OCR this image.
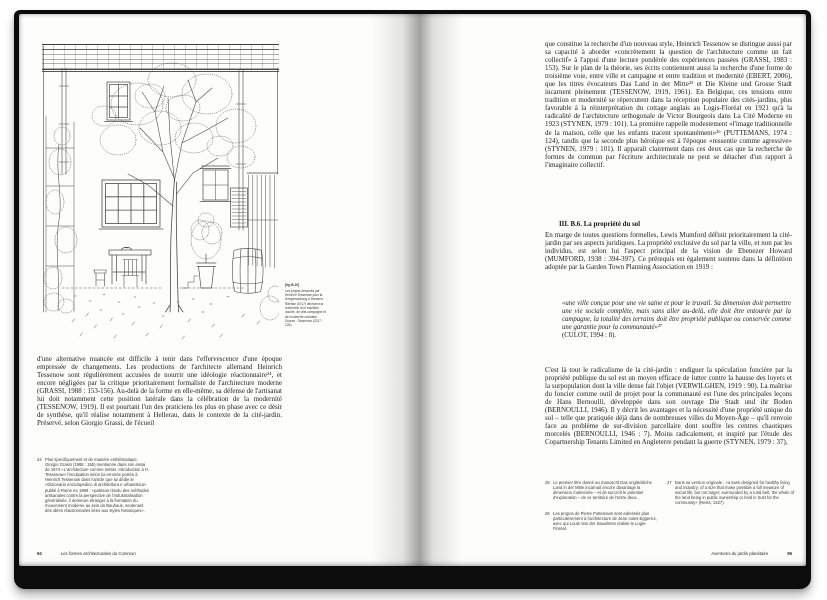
[fig.III.19]
Les projets dessinés par Heinrich Tessenow pour la Kriegersiedlung à Dresden-Rähnitz (1917) décrivent la recherche d'un équilibre double, de ville-campagne et de modernité ordinaire. Source : Tessenow (2017 : 125).
d'une alternative nuancée est difficile à tenir dans l'effervescence d'une époque empressée de changements. Les productions de l'architecte allemand Heinrich Tessenow sont régulièrement accusées de nourrir une idéologie réactionnaire²⁴, et encore négligées par la critique prioritairement formaliste de l'architecture moderne (GRASSI, 1988 : 153-156). Au-delà de la forme en elle-même, sa défense de l'artisanat lui doit notamment cette position latérale dans la célébration de la modernité (TESSENOW, 1919). Il est pourtant l'un des praticiens les plus en phase avec ce désir de synthèse, qu'il réalise notamment à Hellerau, dans le contexte de la cité-jardin. Préservé, selon Giorgio Grassi, de l'écueil
24 Plus spécifiquement et de manière emblématique, Giorgio Grassi (1988 : 155) mentionne dans son essai de 1974 «L'architecture comme métier. Introduction à H. Tessenow» l'inculpation selon lui erronée portée à Heinrich Tessenow dans l'article que lui dédie le «Dizionario enciclopedico di architettura e urbanistica» publié à Rome en 1969 : «partisan résolu des méthodes artisanales contre la perspective de l'industrialisation généralisée, il demeure étranger à la formation du mouvement moderne au sein du Bauhaus, soutenant des idées réactionnaires liées aux styles historiques».
94	Les formes architecturales du Commun
que constitue la recherche d'un nouveau style, Heinrich Tessenow se distingue aussi par sa capacité à aborder «concrètement la question de l'architecture comme un fait collectif» à l'appui d'une lecture pondérée des expériences passées (GRASSI, 1983 : 153). Sur le plan de la théorie, ses écrits contiennent aussi la recherche d'une forme de troisième voie, entre ville et campagne et entre tradition et modernité (EBERT, 2006), que les titres évocateurs Das Land in der Mitte²⁵ et Die Kleine und Grosse Stadt incarnent pleinement (TESSENOW, 1919, 1961). En Belgique, ces tensions entre tradition et modernité se répercutent dans la réception populaire des cités-jardins, plus favorable à la réinterprétation du cottage anglais au Logis-Floréal en 1921 qu'à la radicalité de l'architecture orthogonale de Victor Bourgeois dans La Cité Moderne en 1923 (STYNEN, 1979 : 101). La première rappelle modestement «l'image traditionnelle de la maison, celle que les enfants tracent spontanément»²⁶ (PUTTEMANS, 1974 : 124), tandis que la seconde plus héroïque est à l'époque «ressentie comme agressive» (STYNEN, 1979 : 101). Il apparaît clairement dans ces deux cas que la recherche de formes de commun par l'écriture architecturale ne peut se détacher d'un rapport à l'imaginaire collectif.
III. B.6. La propriété du sol
En marge de toutes questions formelles, Lewis Mumford définit prioritairement la cité-jardin par ses aspects juridiques. La propriété exclusive du sol par la ville, et non par les individus, est selon lui l'aspect principal de la vision de Ebenezer Howard (MUMFORD, 1938 : 394-397). Ce prérequis est également soutenu dans la définition adoptée par la Garden Town Planning Association en 1919 :
«une ville conçue pour une vie saine et pour le travail. Sa dimension doit permettre une vie sociale complète, mais sans aller au-delà, elle doit être entourée par la campagne, la totalité des terrains doit être propriété publique ou conservée comme une garantie pour la communauté»²⁷
(CULOT, 1994 : 8).
C'est là tout le radicalisme de la cité-jardin : endiguer la spéculation foncière par la propriété publique du sol est un moyen efficace de lutter contre la hausse des loyers et la surpopulation dont la ville dense fait l'objet (VERWILGHEN, 1919 : 90). La maîtrise du foncier comme outil de projet pour la communauté est l'une des principales leçons de Hans Bernoulli, développée dans son ouvrage Die Stadt und ihr Boden (BERNOULLI, 1946). Il y décrit les avantages et la nécessité d'une propriété unique du sol – telle que pratiquée déjà dans de nombreuses villes du Moyen-Âge – qu'il renvoie face au problème de sur-division parcellaire dont souffre les centres chaotiques morcelés (BERNOULLI, 1946 : 7). Moins radicalement, et inspiré par l'étude des Copartnership Tenants Limited en Angleterre pendant la guerre (STYNEN, 1979 : 37),
25 Le premier titre donné au manuscrit Das unglückliche Land in der Mitte incarnait encore davantage la dimension malmenée – et de surcroît le potentiel d'exploration – de ce territoire de l'entre deux.
26 Les propos de Pierre Puttemans sont adressés plus particulièrement à l'architecture de Jean-Jules Eggericx, avec qui Louis Van der Swaelmen réalise le Logis-Floréal.
27 Dans sa version originale : «a town designed for healthy living and industry; of a size that make possible a full measure of social life, but not larger; surrounded by a rural belt, the whole of the land being in public ownership or held in trust for the community» (Reiss, 1927).
Aventures du jardin planétaire	95
